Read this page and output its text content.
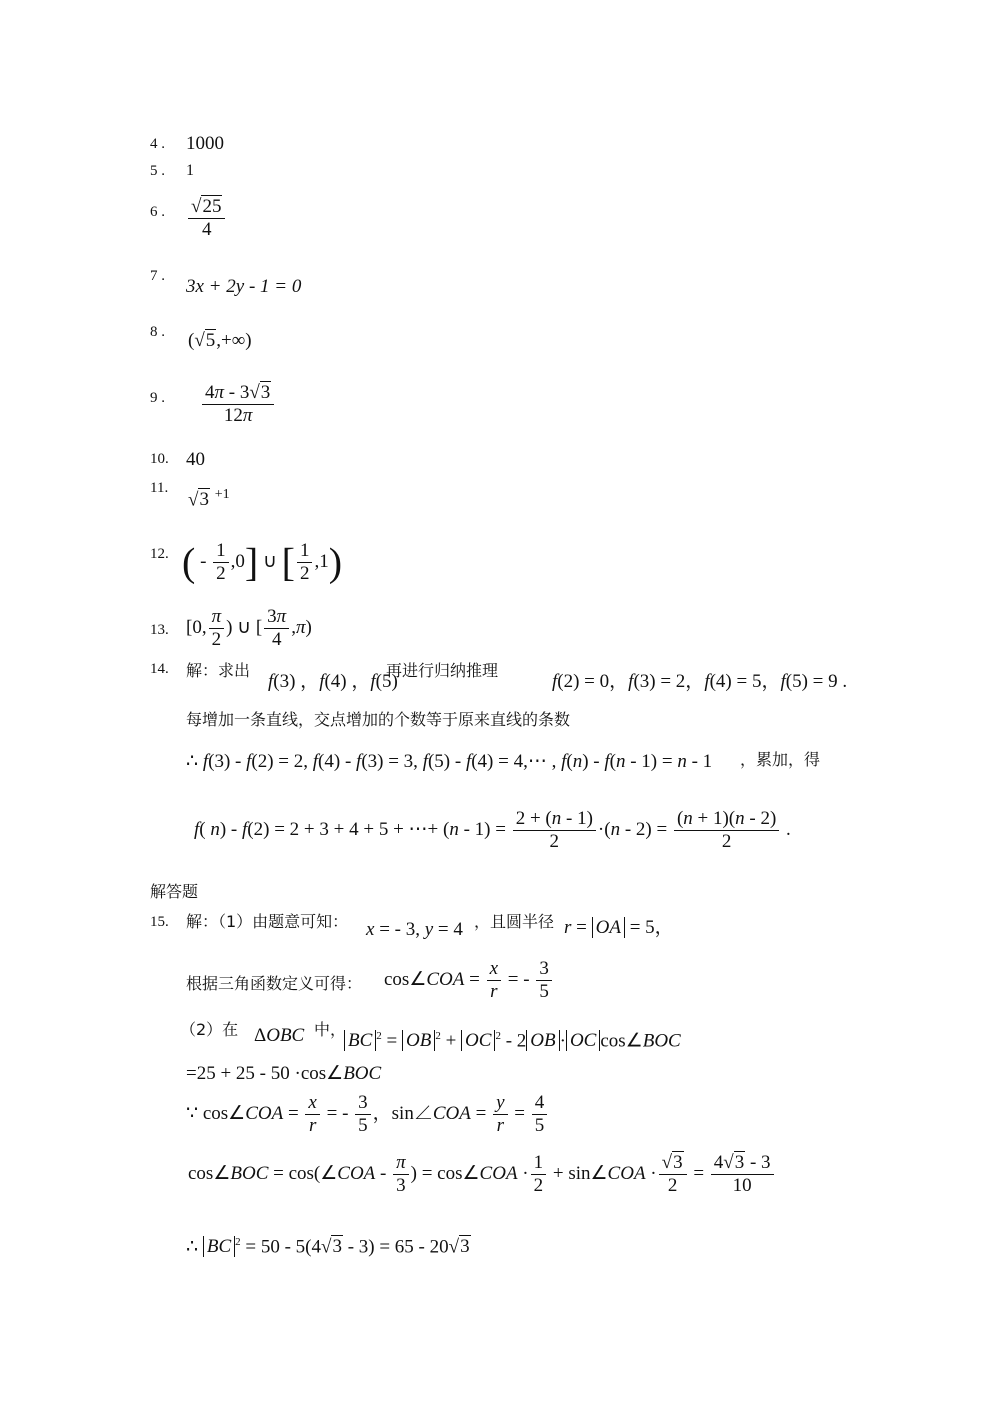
4 . 1000
5 . 1
6 . $\frac{√25}{4}$
7 . 3x + 2y - 1 = 0
8 . (√5,+∞)
9 . $\frac{4\pi - 3√3}{12\pi}$
10. 40
11.
√3 $^{+1}$
12. ( - $\frac{1}{2} ,0$] ∪ [ $\frac{1}{2} ,1$)
13. [0, $\frac{\pi}{2}$ ) ∪ [ $\frac{3\pi}{4} ,\pi$)
14. 解：求出
f(3) ，f(4) ，f(5)
再进行归纳推理
f(2) = 0，f(3) = 2，f(4) = 5，f(5) = 9 .
每增加一条直线，交点增加的个数等于原来直线的条数
∴ f(3) - f(2) = 2, f(4) - f(3) = 3, f(5) - f(4) = 4,⋯ , f(n) - f(n - 1) = n - 1 ，累加，得
f( n) - f(2) = 2 + 3 + 4 + 5 + ⋯+ $(n - 1) = \frac{2 + (n - 1)}{2} \cdot(n - 2) = \frac{(n + 1)(n - 2)}{2}$ .
解答题
15. 解：（1）由题意可知： x = - 3, y = 4 ，且圆半径 r = OA = 5，
根据三角函数定义可得： cos∠COA = $\frac{x}{r}$ = - $\frac{3}{5}$
（2）在 ΔOBC 中，
BC $^2$ = OB $^2$ + OC $^2$ - 2 OB · OC cos∠BOC
=25 + 25 - 50 ·cos∠BOC
∵ cos∠COA = $\frac{x}{r}$ = - $\frac{3}{5}$ ，sin∠COA = $\frac{y}{r} = \frac{4}{5}$
cos∠BOC = cos(∠COA - $\frac{\pi}{3}$ ) = cos∠COA · $\frac{1}{2}$ + sin∠COA · $\frac{√3}{2} = \frac{4√3 - 3}{10}$
∴ BC $^2$ = 50 - 5(4√3 - 3) = 65 - 20√3
